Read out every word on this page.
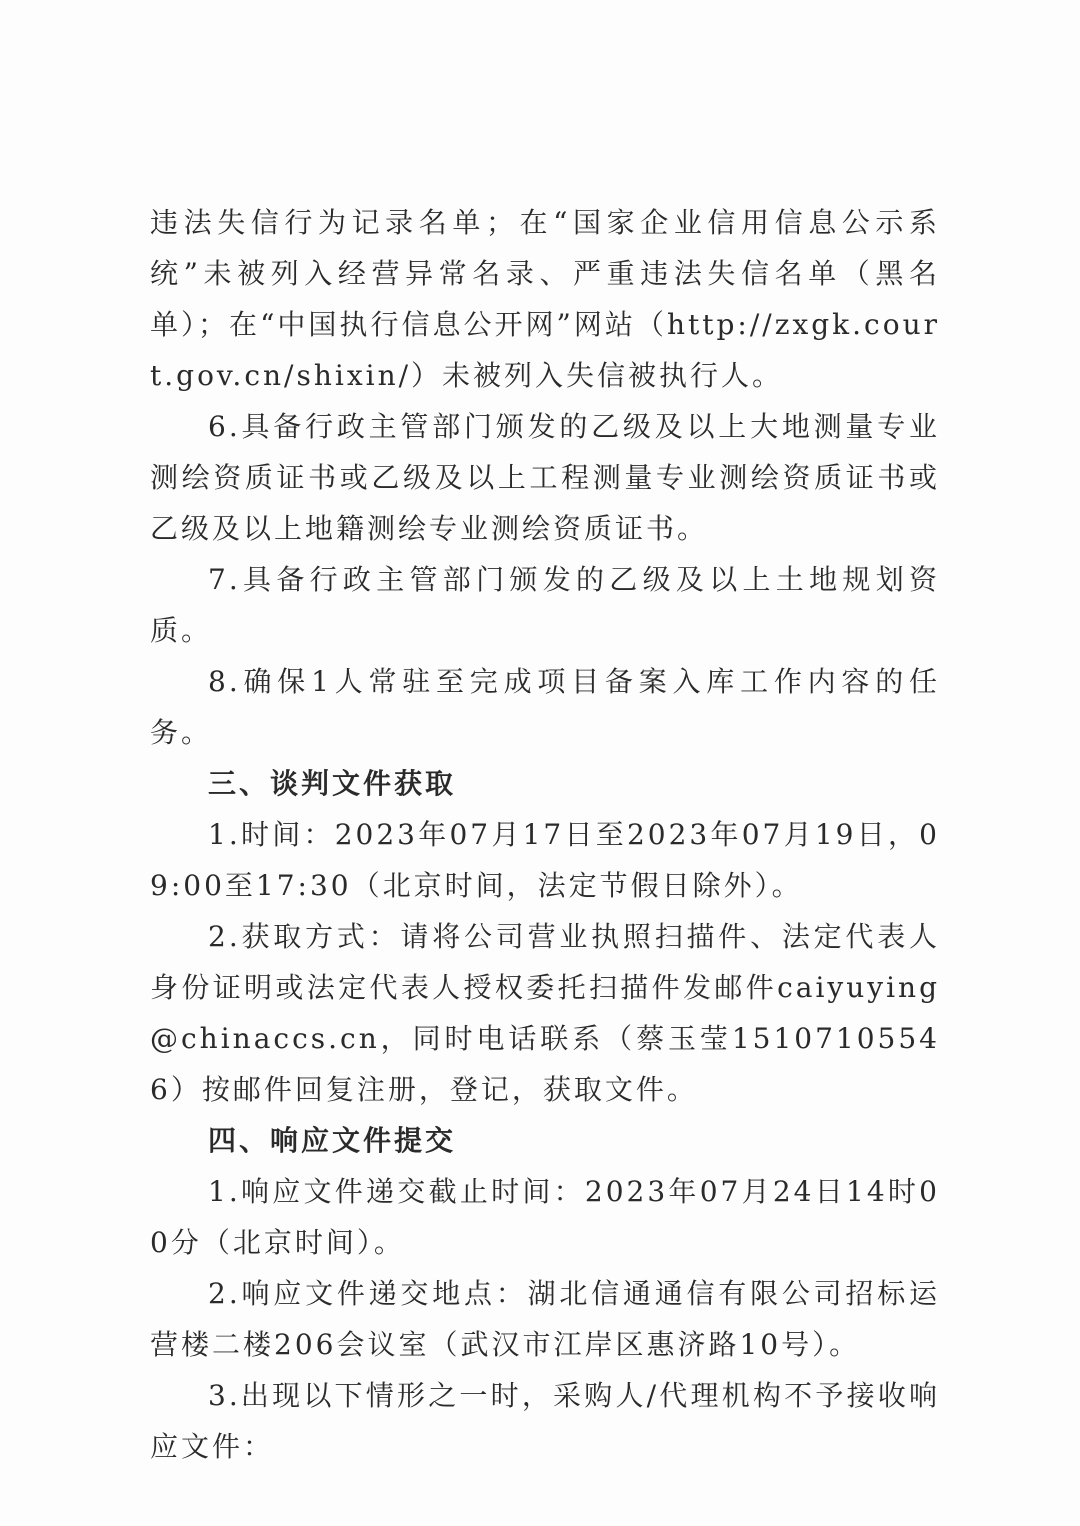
违法失信行为记录名单；在“国家企业信用信息公示系统”未被列入经营异常名录、严重违法失信名单（黑名单）；在“中国执行信息公开网”网站（http://zxgk.court.gov.cn/shixin/）未被列入失信被执行人。

6.具备行政主管部门颁发的乙级及以上大地测量专业测绘资质证书或乙级及以上工程测量专业测绘资质证书或乙级及以上地籍测绘专业测绘资质证书。

7.具备行政主管部门颁发的乙级及以上土地规划资质。

8.确保1人常驻至完成项目备案入库工作内容的任务。

三、谈判文件获取

1.时间：2023年07月17日至2023年07月19日，09:00至17:30（北京时间，法定节假日除外）。

2.获取方式：请将公司营业执照扫描件、法定代表人身份证明或法定代表人授权委托扫描件发邮件caiyuying@chinaccs.cn，同时电话联系（蔡玉莹15107105546）按邮件回复注册，登记，获取文件。

四、响应文件提交

1.响应文件递交截止时间：2023年07月24日14时00分（北京时间）。

2.响应文件递交地点：湖北信通通信有限公司招标运营楼二楼206会议室（武汉市江岸区惠济路10号）。

3.出现以下情形之一时，采购人/代理机构不予接收响应文件：
